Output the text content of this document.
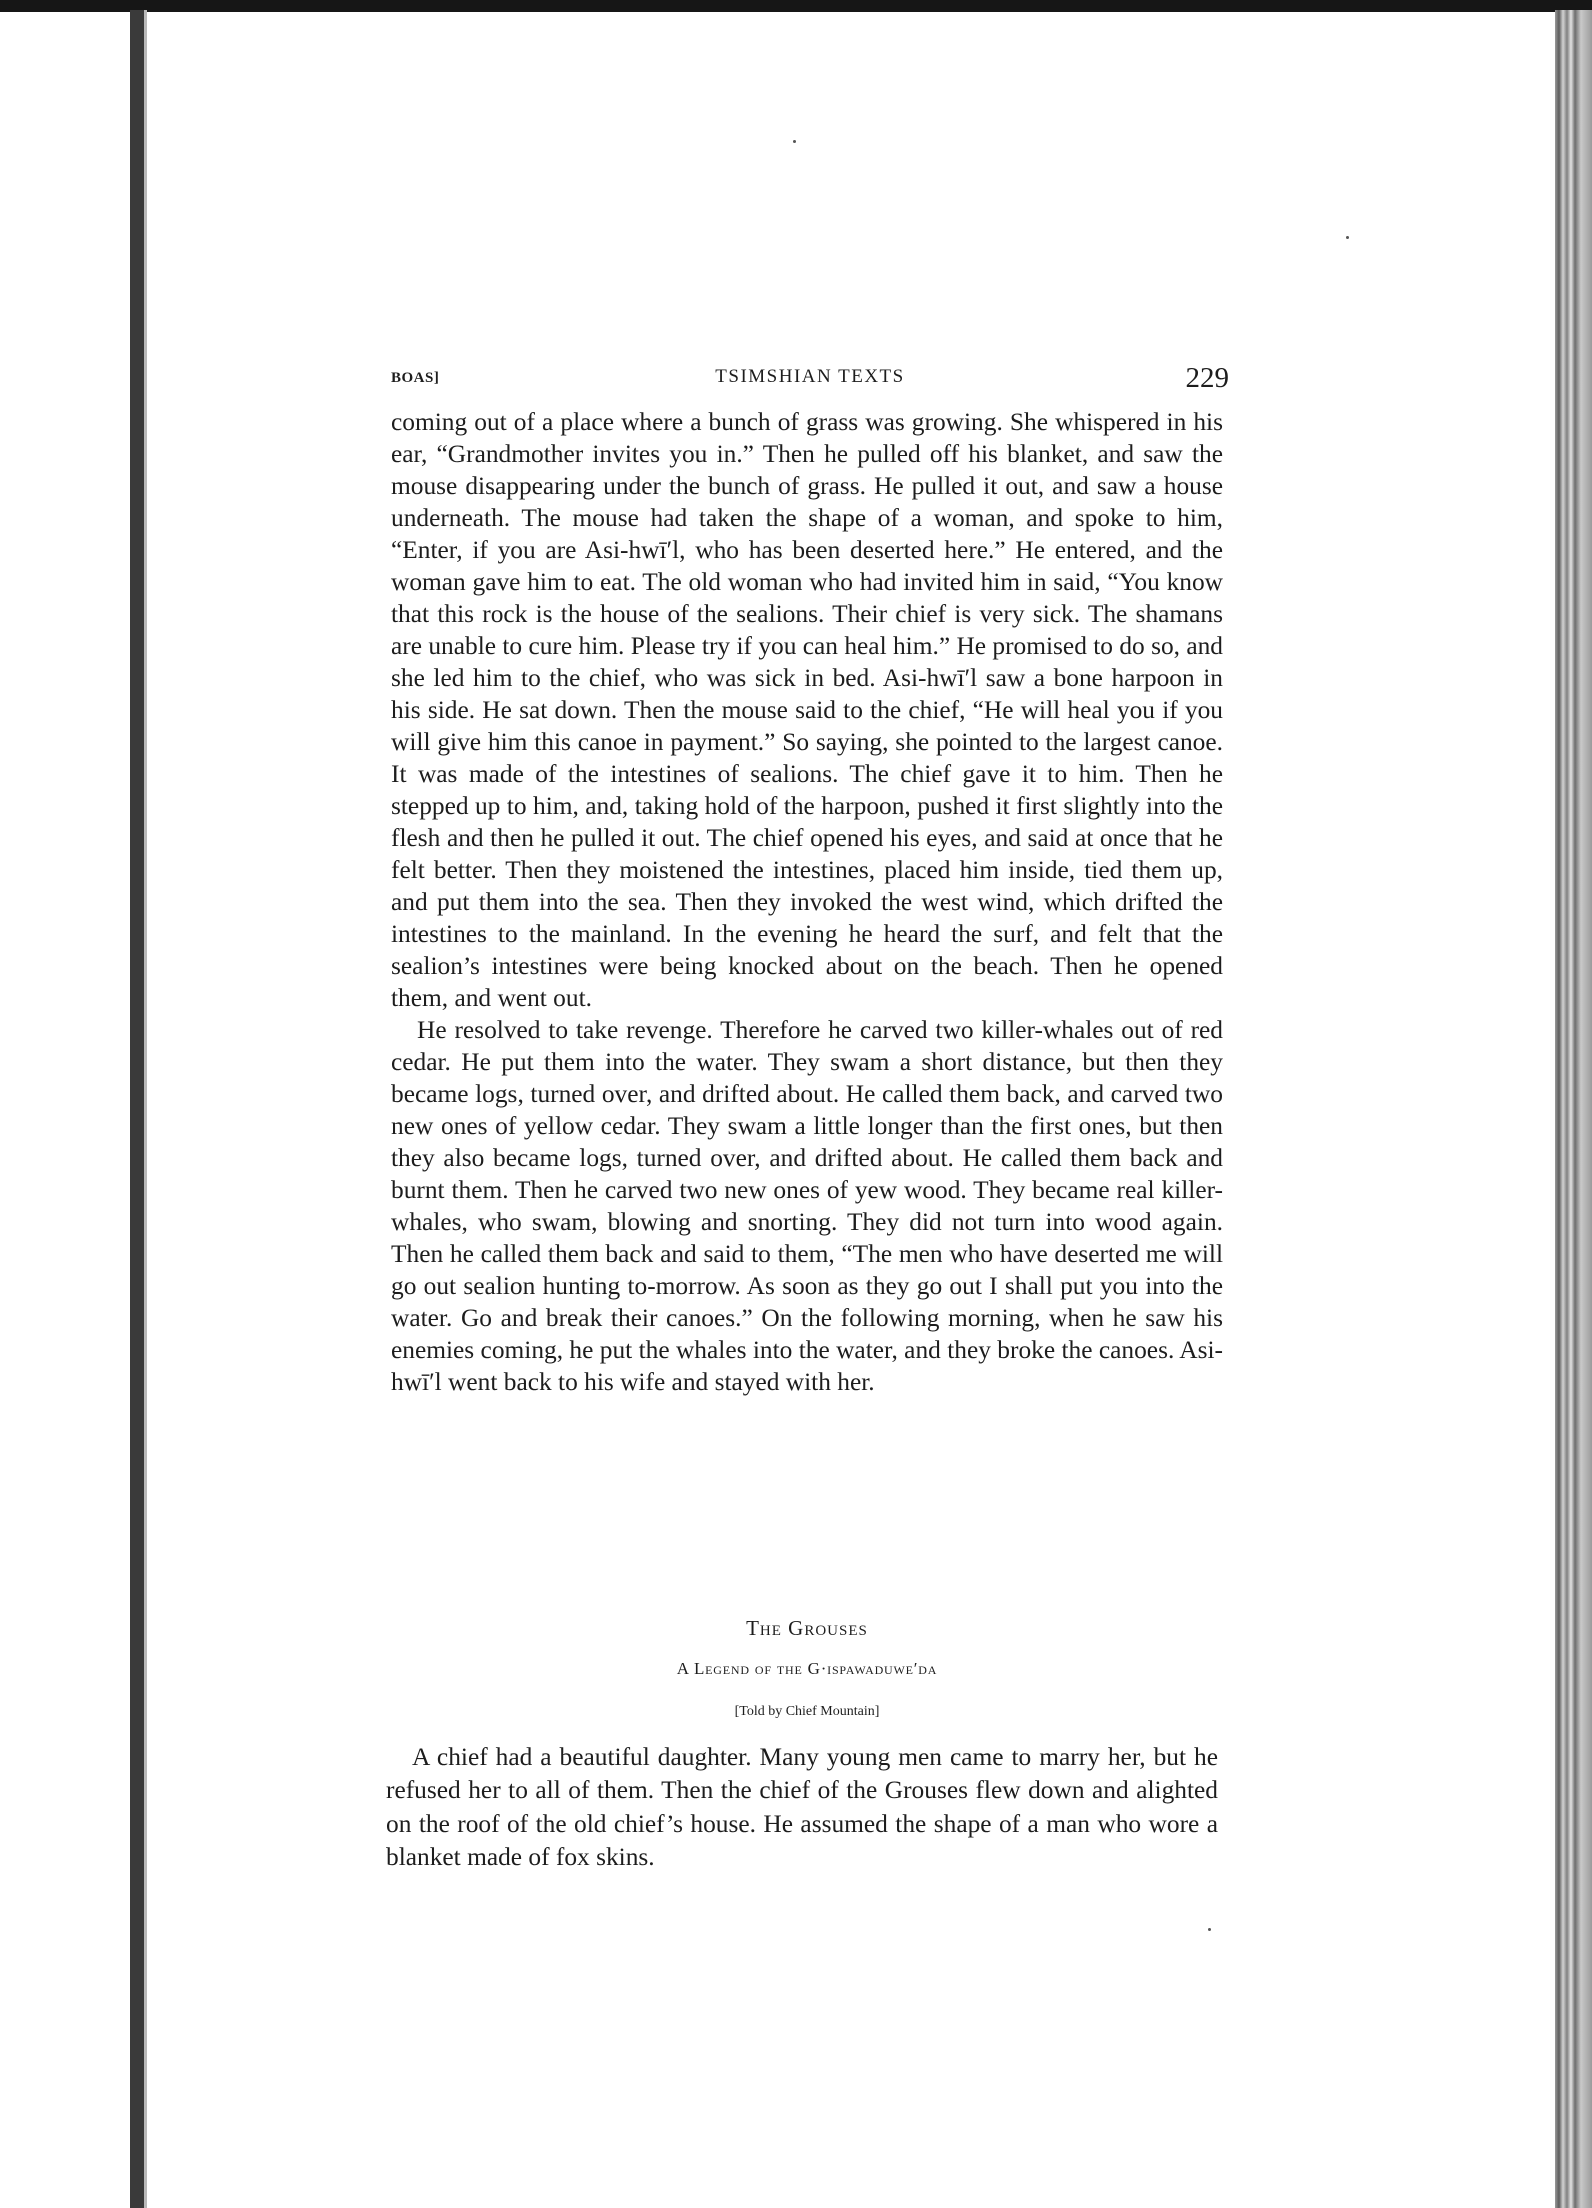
BOAS]	TSIMSHIAN TEXTS	229

coming out of a place where a bunch of grass was growing. She whispered in his ear, “Grandmother invites you in.” Then he pulled off his blanket, and saw the mouse disappearing under the bunch of grass. He pulled it out, and saw a house underneath. The mouse had taken the shape of a woman, and spoke to him, “Enter, if you are Asi-hwī′l, who has been deserted here.” He entered, and the woman gave him to eat. The old woman who had invited him in said, “You know that this rock is the house of the sealions. Their chief is very sick. The shamans are unable to cure him. Please try if you can heal him.” He promised to do so, and she led him to the chief, who was sick in bed. Asi-hwī′l saw a bone harpoon in his side. He sat down. Then the mouse said to the chief, “He will heal you if you will give him this canoe in payment.” So saying, she pointed to the largest canoe. It was made of the intestines of sealions. The chief gave it to him. Then he stepped up to him, and, taking hold of the harpoon, pushed it first slightly into the flesh and then he pulled it out. The chief opened his eyes, and said at once that he felt better. Then they moistened the intestines, placed him inside, tied them up, and put them into the sea. Then they invoked the west wind, which drifted the intestines to the mainland. In the evening he heard the surf, and felt that the sealion’s intestines were being knocked about on the beach. Then he opened them, and went out.

He resolved to take revenge. Therefore he carved two killer-whales out of red cedar. He put them into the water. They swam a short distance, but then they became logs, turned over, and drifted about. He called them back, and carved two new ones of yellow cedar. They swam a little longer than the first ones, but then they also became logs, turned over, and drifted about. He called them back and burnt them. Then he carved two new ones of yew wood. They became real killer-whales, who swam, blowing and snorting. They did not turn into wood again. Then he called them back and said to them, “The men who have deserted me will go out sealion hunting to-morrow. As soon as they go out I shall put you into the water. Go and break their canoes.” On the following morning, when he saw his enemies coming, he put the whales into the water, and they broke the canoes. Asi-hwī′l went back to his wife and stayed with her.

The Grouses
A Legend of the G·ispawaduwe′da
[Told by Chief Mountain]

A chief had a beautiful daughter. Many young men came to marry her, but he refused her to all of them. Then the chief of the Grouses flew down and alighted on the roof of the old chief’s house. He assumed the shape of a man who wore a blanket made of fox skins.
